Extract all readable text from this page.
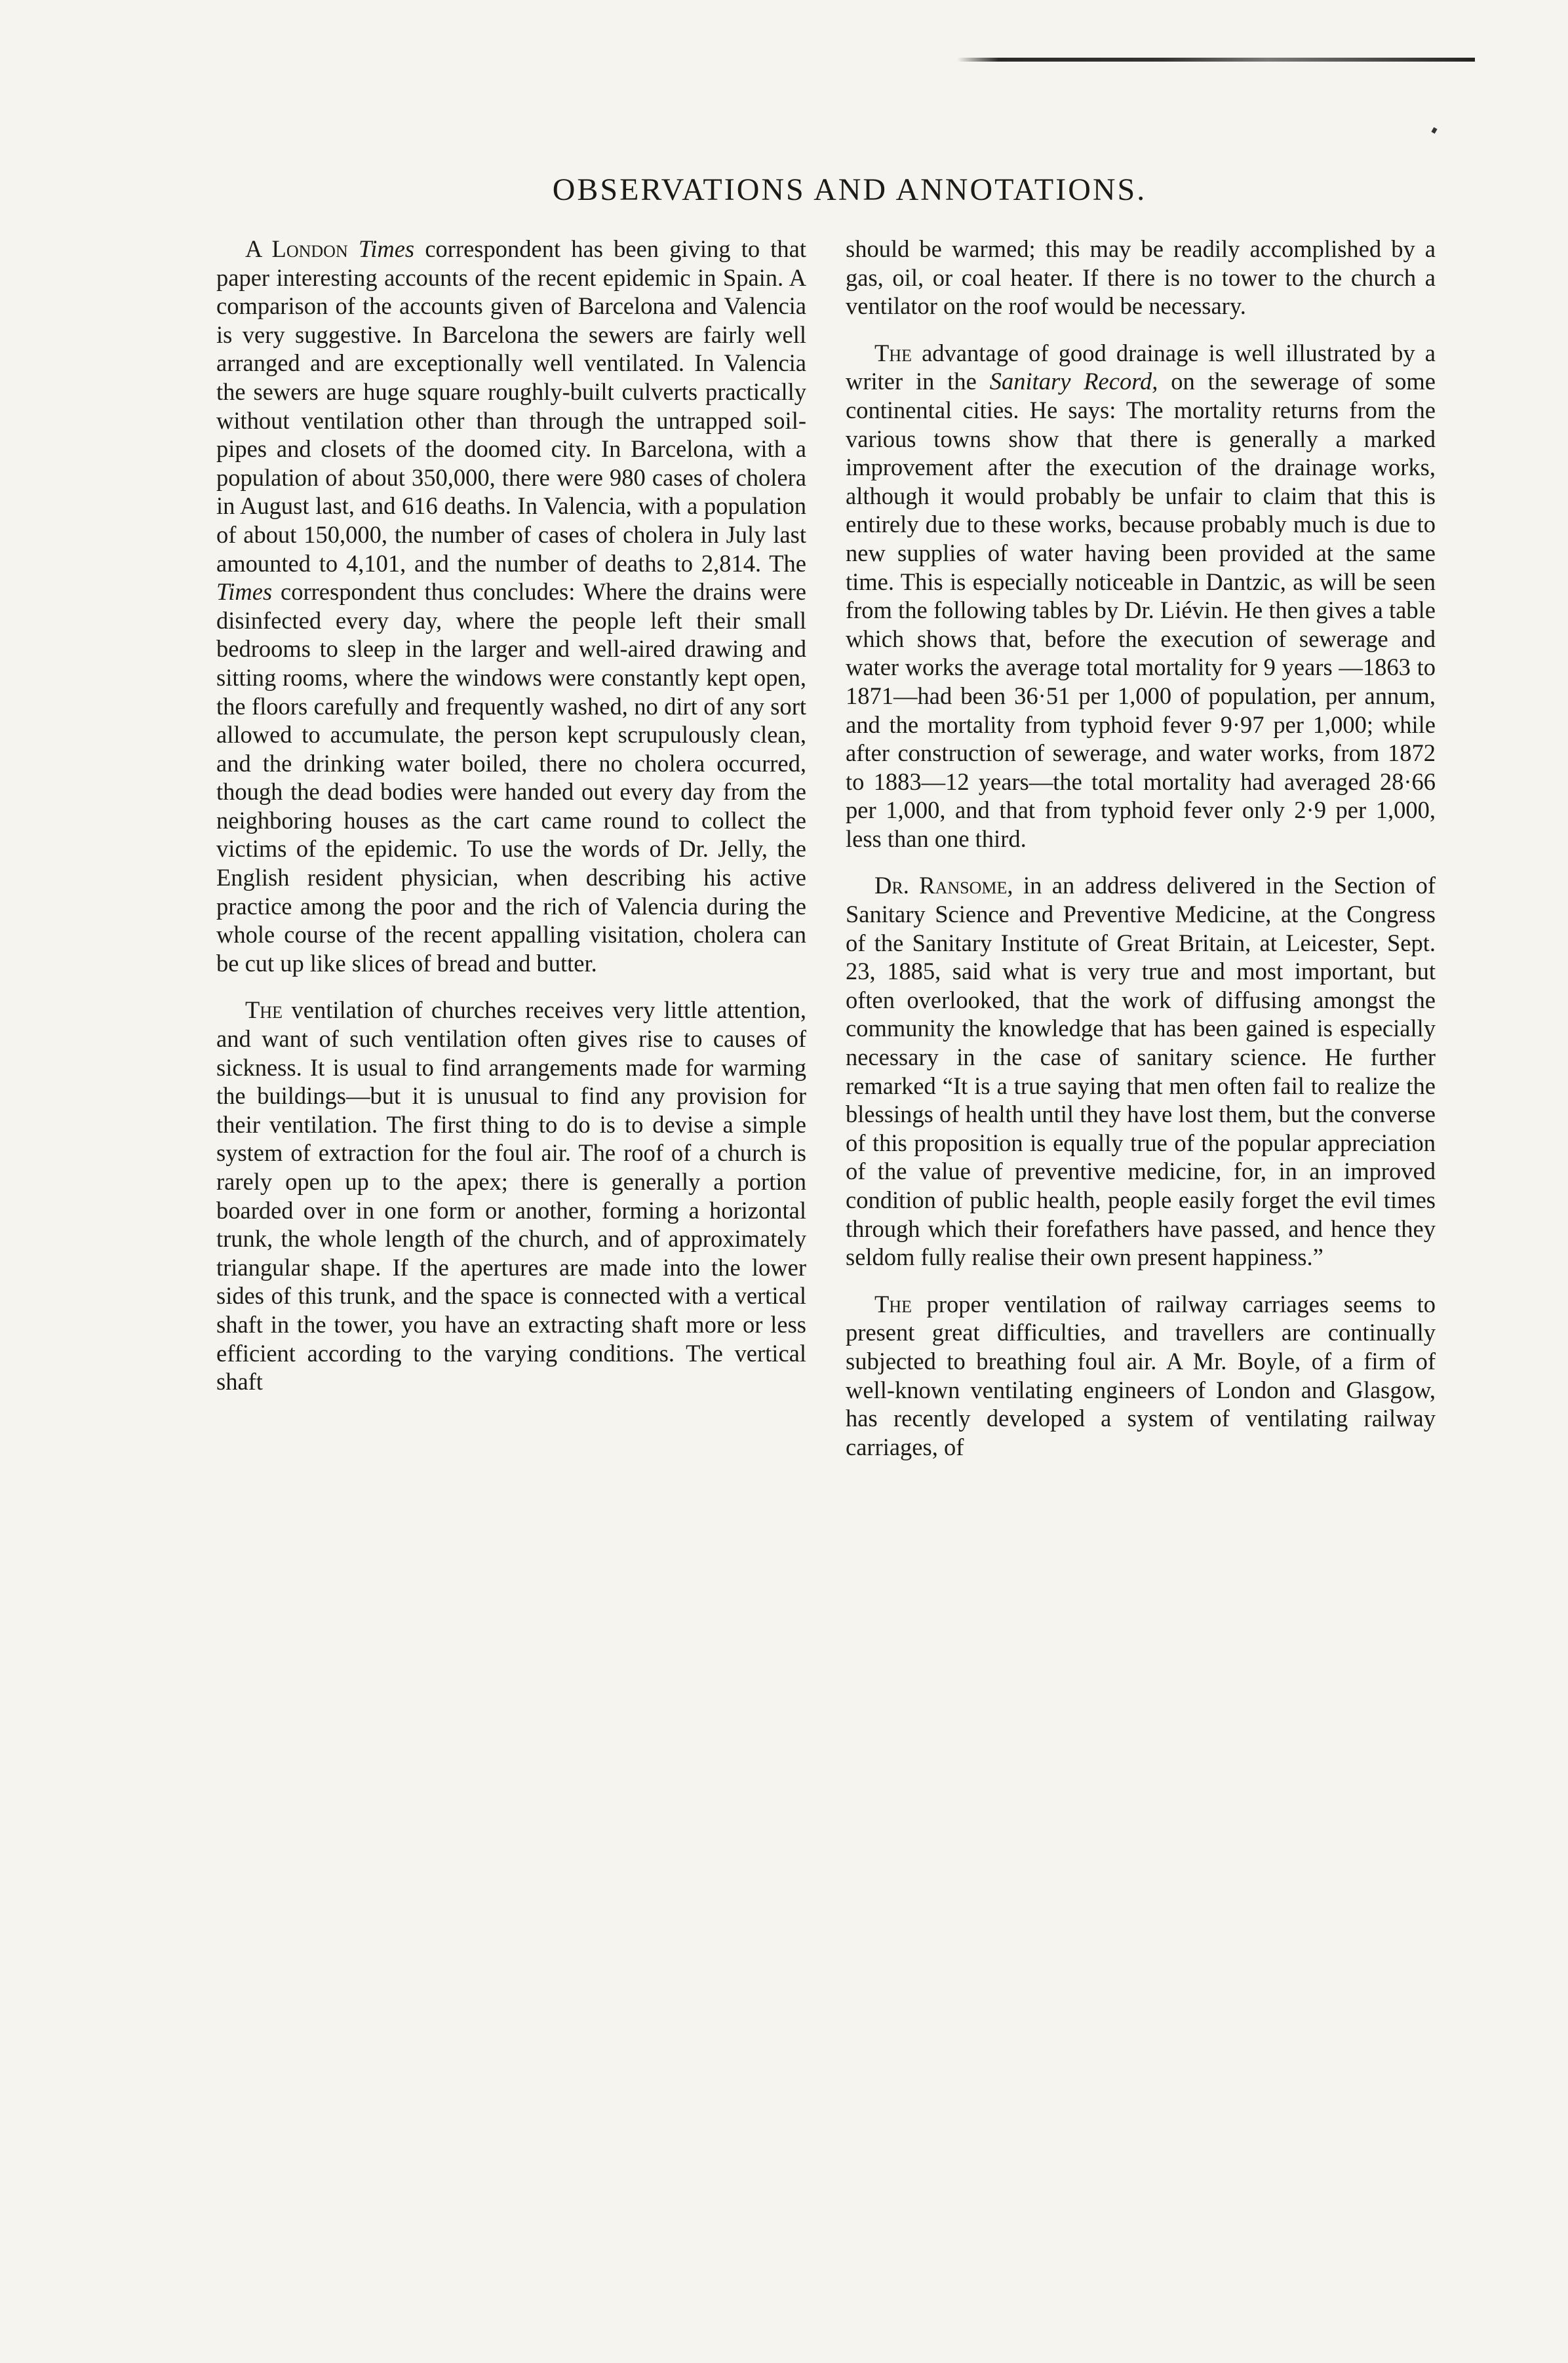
OBSERVATIONS AND ANNOTATIONS.

A London Times correspondent has been giving to that paper interesting accounts of the recent epidemic in Spain. A comparison of the accounts given of Barcelona and Valencia is very suggestive. In Barcelona the sewers are fairly well arranged and are exceptionally well ventilated. In Valencia the sewers are huge square roughly-built culverts practically without ventilation other than through the untrapped soil-pipes and closets of the doomed city. In Barcelona, with a population of about 350,000, there were 980 cases of cholera in August last, and 616 deaths. In Valencia, with a population of about 150,000, the number of cases of cholera in July last amounted to 4,101, and the number of deaths to 2,814. The Times correspondent thus concludes: Where the drains were disinfected every day, where the people left their small bedrooms to sleep in the larger and well-aired drawing and sitting rooms, where the windows were constantly kept open, the floors carefully and frequently washed, no dirt of any sort allowed to accumulate, the person kept scrupulously clean, and the drinking water boiled, there no cholera occurred, though the dead bodies were handed out every day from the neighboring houses as the cart came round to collect the victims of the epidemic. To use the words of Dr. Jelly, the English resident physician, when describing his active practice among the poor and the rich of Valencia during the whole course of the recent appalling visitation, cholera can be cut up like slices of bread and butter.

The ventilation of churches receives very little attention, and want of such ventilation often gives rise to causes of sickness. It is usual to find arrangements made for warming the buildings—but it is unusual to find any provision for their ventilation. The first thing to do is to devise a simple system of extraction for the foul air. The roof of a church is rarely open up to the apex; there is generally a portion boarded over in one form or another, forming a horizontal trunk, the whole length of the church, and of approximately triangular shape. If the apertures are made into the lower sides of this trunk, and the space is connected with a vertical shaft in the tower, you have an extracting shaft more or less efficient according to the varying conditions. The vertical shaft

should be warmed; this may be readily accomplished by a gas, oil, or coal heater. If there is no tower to the church a ventilator on the roof would be necessary.

The advantage of good drainage is well illustrated by a writer in the Sanitary Record, on the sewerage of some continental cities. He says: The mortality returns from the various towns show that there is generally a marked improvement after the execution of the drainage works, although it would probably be unfair to claim that this is entirely due to these works, because probably much is due to new supplies of water having been provided at the same time. This is especially noticeable in Dantzic, as will be seen from the following tables by Dr. Liévin. He then gives a table which shows that, before the execution of sewerage and water works the average total mortality for 9 years —1863 to 1871—had been 36·51 per 1,000 of population, per annum, and the mortality from typhoid fever 9·97 per 1,000; while after construction of sewerage, and water works, from 1872 to 1883—12 years—the total mortality had averaged 28·66 per 1,000, and that from typhoid fever only 2·9 per 1,000, less than one third.

Dr. Ransome, in an address delivered in the Section of Sanitary Science and Preventive Medicine, at the Congress of the Sanitary Institute of Great Britain, at Leicester, Sept. 23, 1885, said what is very true and most important, but often overlooked, that the work of diffusing amongst the community the knowledge that has been gained is especially necessary in the case of sanitary science. He further remarked “It is a true saying that men often fail to realize the blessings of health until they have lost them, but the converse of this proposition is equally true of the popular appreciation of the value of preventive medicine, for, in an improved condition of public health, people easily forget the evil times through which their forefathers have passed, and hence they seldom fully realise their own present happiness.”

The proper ventilation of railway carriages seems to present great difficulties, and travellers are continually subjected to breathing foul air. A Mr. Boyle, of a firm of well-known ventilating engineers of London and Glasgow, has recently developed a system of ventilating railway carriages, of
